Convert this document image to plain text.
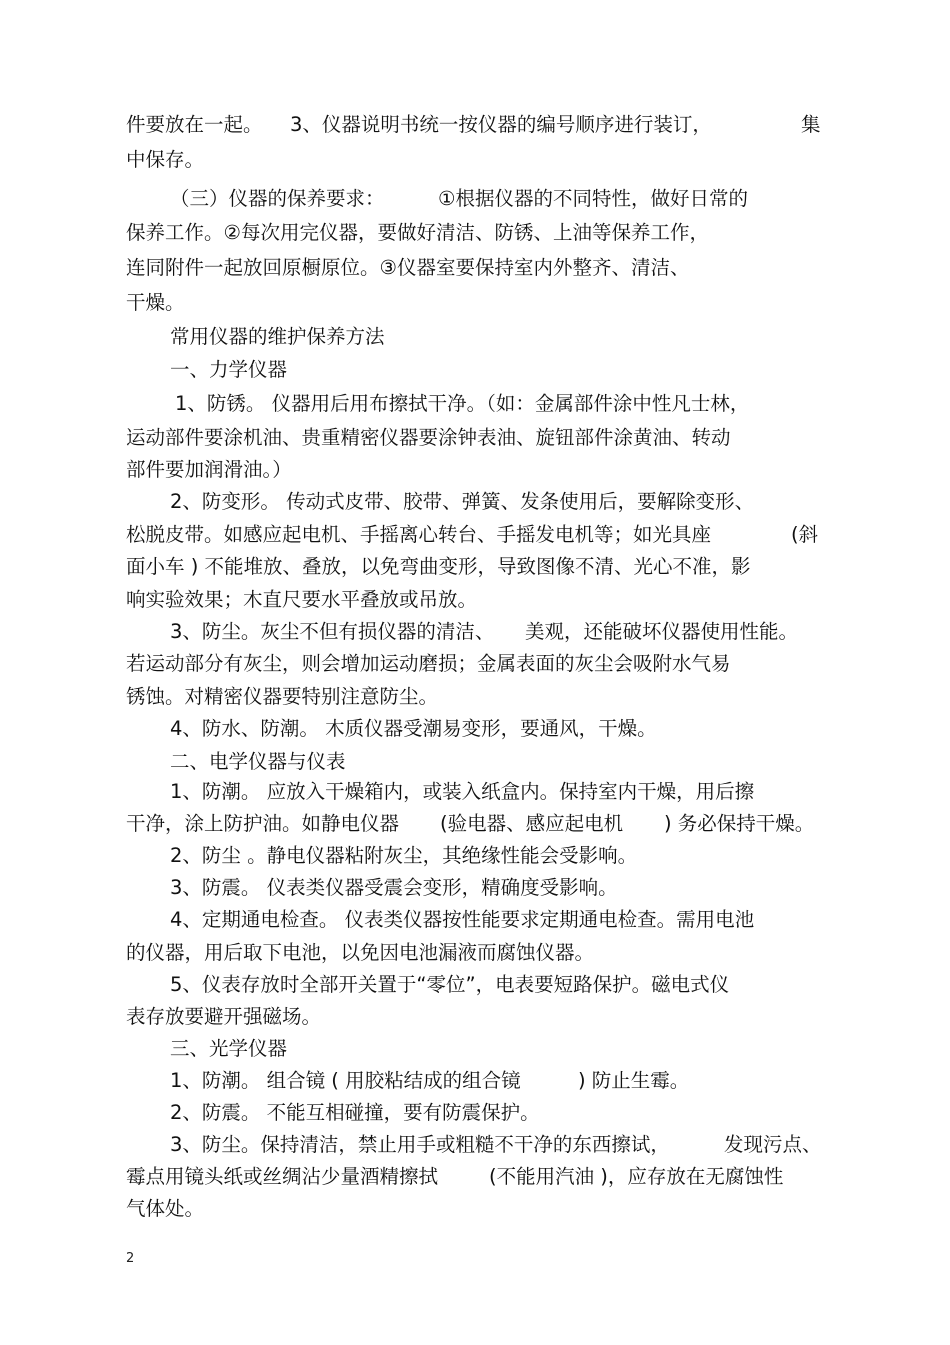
件要放在一起。 3、仪器说明书统一按仪器的编号顺序进行装订，	集
中保存。
（三）仪器的保养要求：	①根据仪器的不同特性，做好日常的
保养工作。②每次用完仪器，要做好清洁、防锈、上油等保养工作，
连同附件一起放回原橱原位。③仪器室要保持室内外整齐、清洁、
干燥。
常用仪器的维护保养方法
一、力学仪器
1、防锈。 仪器用后用布擦拭干净。（如：金属部件涂中性凡士林，
运动部件要涂机油、贵重精密仪器要涂钟表油、旋钮部件涂黄油、转动
部件要加润滑油。）
2、防变形。 传动式皮带、胶带、弹簧、发条使用后，要解除变形、
松脱皮带。如感应起电机、手摇离心转台、手摇发电机等；如光具座	(斜
面小车 ) 不能堆放、叠放，以免弯曲变形，导致图像不清、光心不准，影
响实验效果；木直尺要水平叠放或吊放。
3、防尘。灰尘不但有损仪器的清洁、 美观，还能破坏仪器使用性能。
若运动部分有灰尘，则会增加运动磨损；金属表面的灰尘会吸附水气易
锈蚀。对精密仪器要特别注意防尘。
4、防水、防潮。 木质仪器受潮易变形，要通风，干燥。
二、电学仪器与仪表
1、防潮。 应放入干燥箱内，或装入纸盒内。保持室内干燥，用后擦
干净，涂上防护油。如静电仪器 (验电器、感应起电机 ) 务必保持干燥。
2、防尘 。静电仪器粘附灰尘，其绝缘性能会受影响。
3、防震。 仪表类仪器受震会变形，精确度受影响。
4、定期通电检查。 仪表类仪器按性能要求定期通电检查。需用电池
的仪器，用后取下电池，以免因电池漏液而腐蚀仪器。
5、仪表存放时全部开关置于“零位”，电表要短路保护。磁电式仪
表存放要避开强磁场。
三、光学仪器
1、防潮。 组合镜 ( 用胶粘结成的组合镜	) 防止生霉。
2、防震。 不能互相碰撞，要有防震保护。
3、防尘。保持清洁，禁止用手或粗糙不干净的东西擦试，	发现污点、
霉点用镜头纸或丝绸沾少量酒精擦拭	(不能用汽油 )，应存放在无腐蚀性
气体处。
2
